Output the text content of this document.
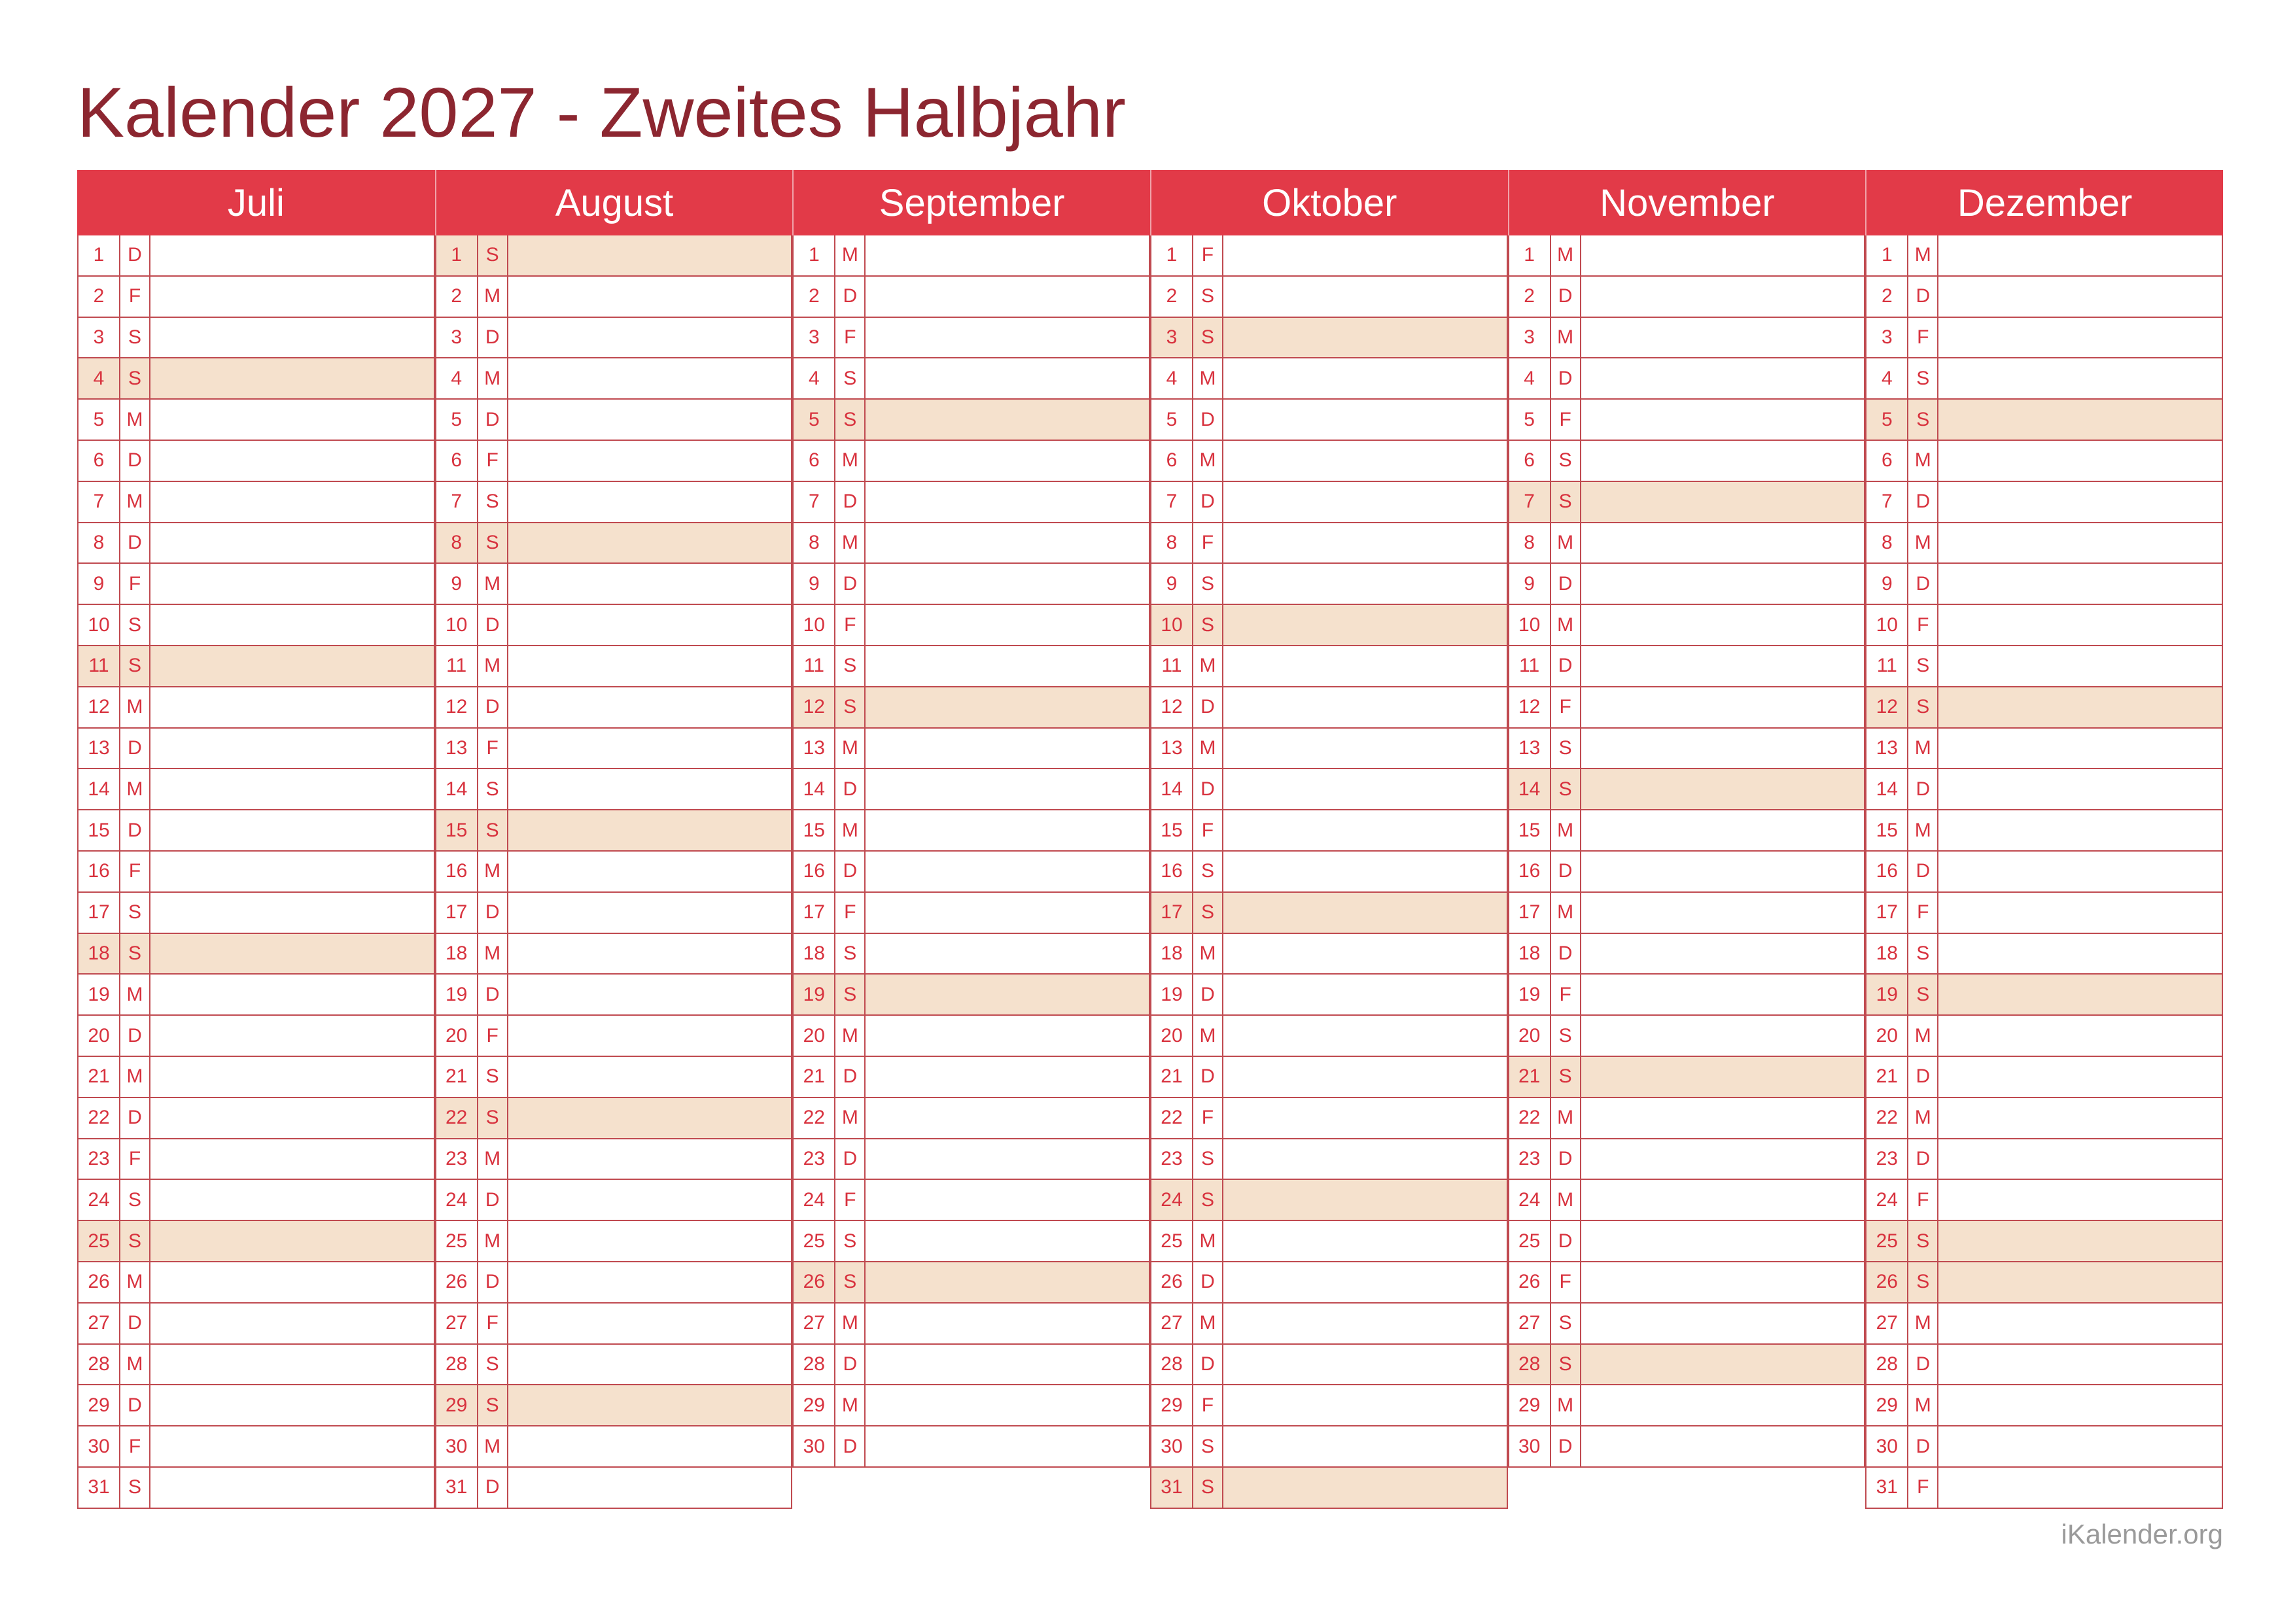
Kalender 2027 - Zweites Halbjahr
Juli
1	D
2	F
3	S
4	S
5	M
6	D
7	M
8	D
9	F
10 S
11 S
12 M
13 D
14 M
15 D
16 F
17 S
18 S
19 M
20 D
21 M
22 D
23 F
24 S
25 S
26 M
27 D
28 M
29 D
30 F
31 S
August
1	S
2	M
3	D
4	M
5	D
6	F
7	S
8	S
9	M
10 D
11 M
12 D
13 F
14 S
15 S
16 M
17 D
18 M
19 D
20 F
21 S
22 S
23 M
24 D
25 M
26 D
27 F
28 S
29 S
30 M
31 D
September
1	M
2	D
3	F
4	S
5	S
6	M
7	D
8	M
9	D
10 F
11 S
12 S
13 M
14 D
15 M
16 D
17 F
18 S
19 S
20 M
21 D
22 M
23 D
24 F
25 S
26 S
27 M
28 D
29 M
30 D
Oktober
1	F
2	S
3	S
4	M
5	D
6	M
7	D
8	F
9	S
10 S
11 M
12 D
13 M
14 D
15 F
16 S
17 S
18 M
19 D
20 M
21 D
22 F
23 S
24 S
25 M
26 D
27 M
28 D
29 F
30 S
31 S
November
1	M
2	D
3	M
4	D
5	F
6	S
7	S
8	M
9	D
10 M
11 D
12 F
13 S
14 S
15 M
16 D
17 M
18 D
19 F
20 S
21 S
22 M
23 D
24 M
25 D
26 F
27 S
28 S
29 M
30 D
Dezember
1	M
2	D
3	F
4	S
5	S
6	M
7	D
8	M
9	D
10 F
11 S
12 S
13 M
14 D
15 M
16 D
17 F
18 S
19 S
20 M
21 D
22 M
23 D
24 F
25 S
26 S
27 M
28 D
29 M
30 D
31 F
iKalender.org
